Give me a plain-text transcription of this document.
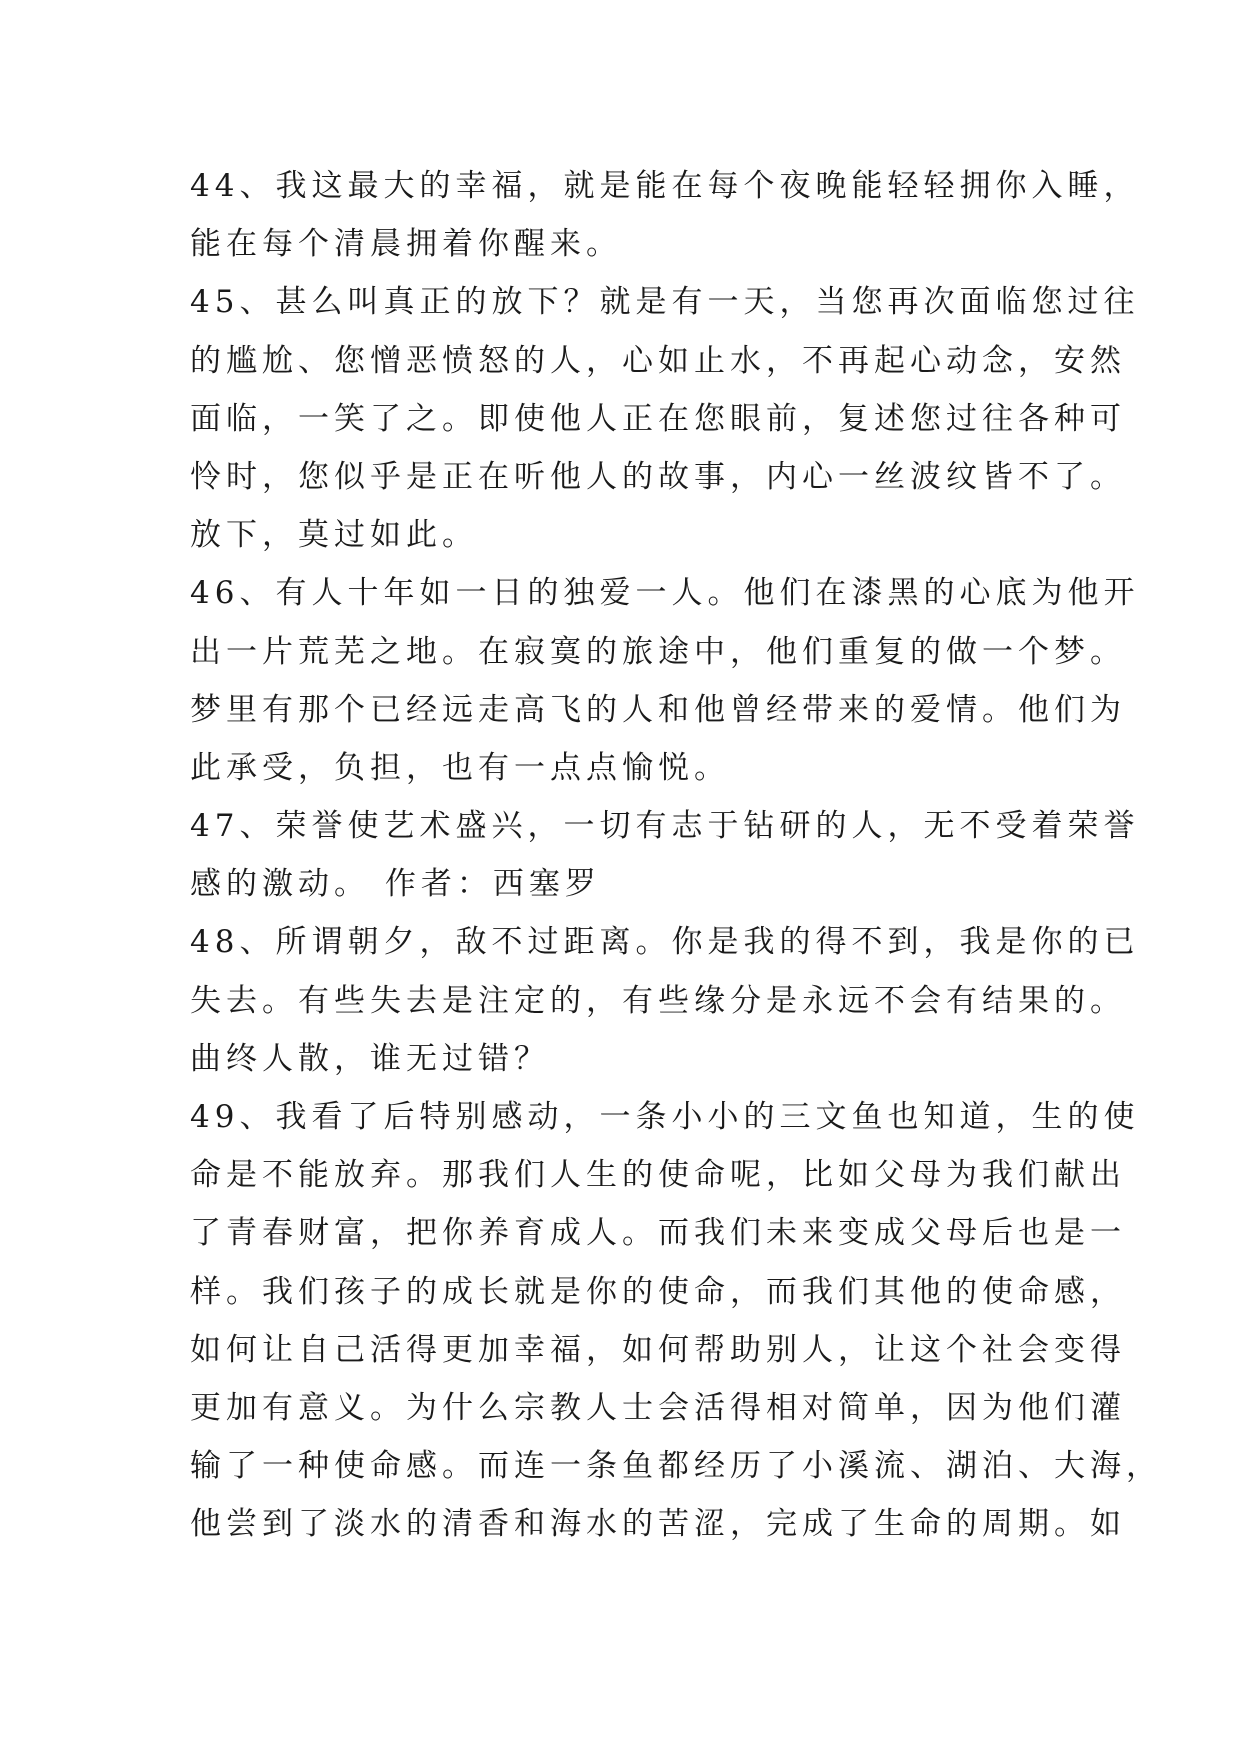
44、我这最大的幸福，就是能在每个夜晚能轻轻拥你入睡，
能在每个清晨拥着你醒来。
45、甚么叫真正的放下？就是有一天，当您再次面临您过往
的尴尬、您憎恶愤怒的人，心如止水，不再起心动念，安然
面临，一笑了之。即使他人正在您眼前，复述您过往各种可
怜时，您似乎是正在听他人的故事，内心一丝波纹皆不了。
放下，莫过如此。
46、有人十年如一日的独爱一人。他们在漆黑的心底为他开
出一片荒芜之地。在寂寞的旅途中，他们重复的做一个梦。
梦里有那个已经远走高飞的人和他曾经带来的爱情。他们为
此承受，负担，也有一点点愉悦。
47、荣誉使艺术盛兴，一切有志于钻研的人，无不受着荣誉
感的激动。 作者：西塞罗
48、所谓朝夕，敌不过距离。你是我的得不到，我是你的已
失去。有些失去是注定的，有些缘分是永远不会有结果的。
曲终人散，谁无过错？
49、我看了后特别感动，一条小小的三文鱼也知道，生的使
命是不能放弃。那我们人生的使命呢，比如父母为我们献出
了青春财富，把你养育成人。而我们未来变成父母后也是一
样。我们孩子的成长就是你的使命，而我们其他的使命感，
如何让自己活得更加幸福，如何帮助别人，让这个社会变得
更加有意义。为什么宗教人士会活得相对简单，因为他们灌
输了一种使命感。而连一条鱼都经历了小溪流、湖泊、大海，
他尝到了淡水的清香和海水的苦涩，完成了生命的周期。如
